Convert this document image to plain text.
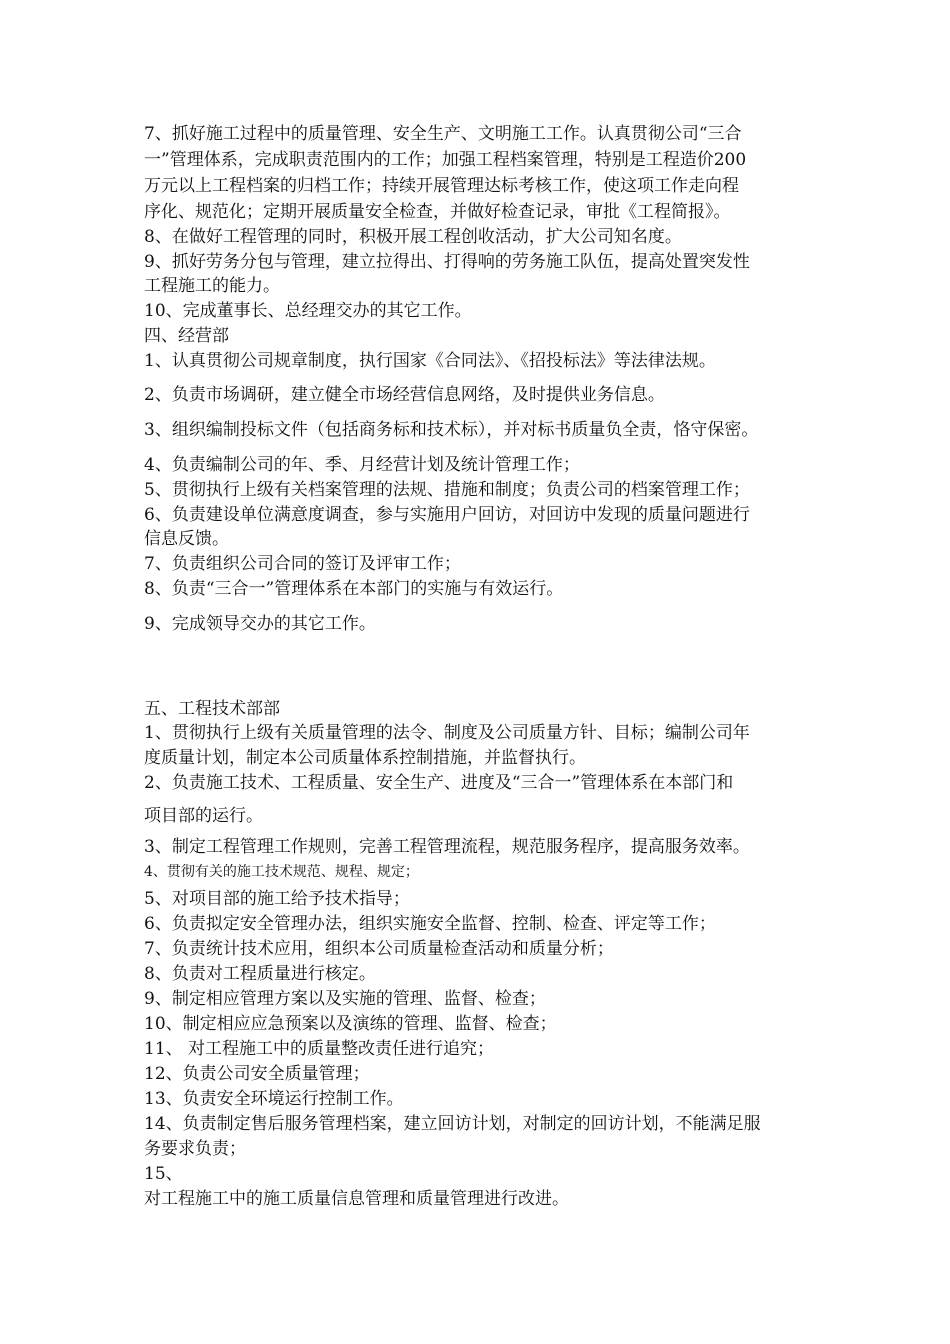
7、抓好施工过程中的质量管理、安全生产、文明施工工作。认真贯彻公司“三合

一”管理体系，完成职责范围内的工作；加强工程档案管理，特别是工程造价200

万元以上工程档案的归档工作；持续开展管理达标考核工作，使这项工作走向程

序化、规范化；定期开展质量安全检查，并做好检查记录，审批《工程简报》。

8、在做好工程管理的同时，积极开展工程创收活动，扩大公司知名度。

9、抓好劳务分包与管理，建立拉得出、打得响的劳务施工队伍，提高处置突发性

工程施工的能力。

10、完成董事长、总经理交办的其它工作。

四、经营部

1、认真贯彻公司规章制度，执行国家《合同法》、《招投标法》等法律法规。

2、负责市场调研，建立健全市场经营信息网络，及时提供业务信息。

3、组织编制投标文件（包括商务标和技术标），并对标书质量负全责，恪守保密。

4、负责编制公司的年、季、月经营计划及统计管理工作；

5、贯彻执行上级有关档案管理的法规、措施和制度；负责公司的档案管理工作；

6、负责建设单位满意度调查，参与实施用户回访，对回访中发现的质量问题进行

信息反馈。

7、负责组织公司合同的签订及评审工作；

8、负责“三合一”管理体系在本部门的实施与有效运行。

9、完成领导交办的其它工作。

五、工程技术部部

1、贯彻执行上级有关质量管理的法令、制度及公司质量方针、目标；编制公司年

度质量计划，制定本公司质量体系控制措施，并监督执行。

2、负责施工技术、工程质量、安全生产、进度及“三合一”管理体系在本部门和

项目部的运行。

3、制定工程管理工作规则，完善工程管理流程，规范服务程序，提高服务效率。

4、贯彻有关的施工技术规范、规程、规定；

5、对项目部的施工给予技术指导；

6、负责拟定安全管理办法，组织实施安全监督、控制、检查、评定等工作；

7、负责统计技术应用，组织本公司质量检查活动和质量分析；

8、负责对工程质量进行核定。

9、制定相应管理方案以及实施的管理、监督、检查；

10、制定相应应急预案以及演练的管理、监督、检查；

11、 对工程施工中的质量整改责任进行追究；

12、负责公司安全质量管理；

13、负责安全环境运行控制工作。

14、负责制定售后服务管理档案，建立回访计划，对制定的回访计划，不能满足服

务要求负责；

15、

对工程施工中的施工质量信息管理和质量管理进行改进。
